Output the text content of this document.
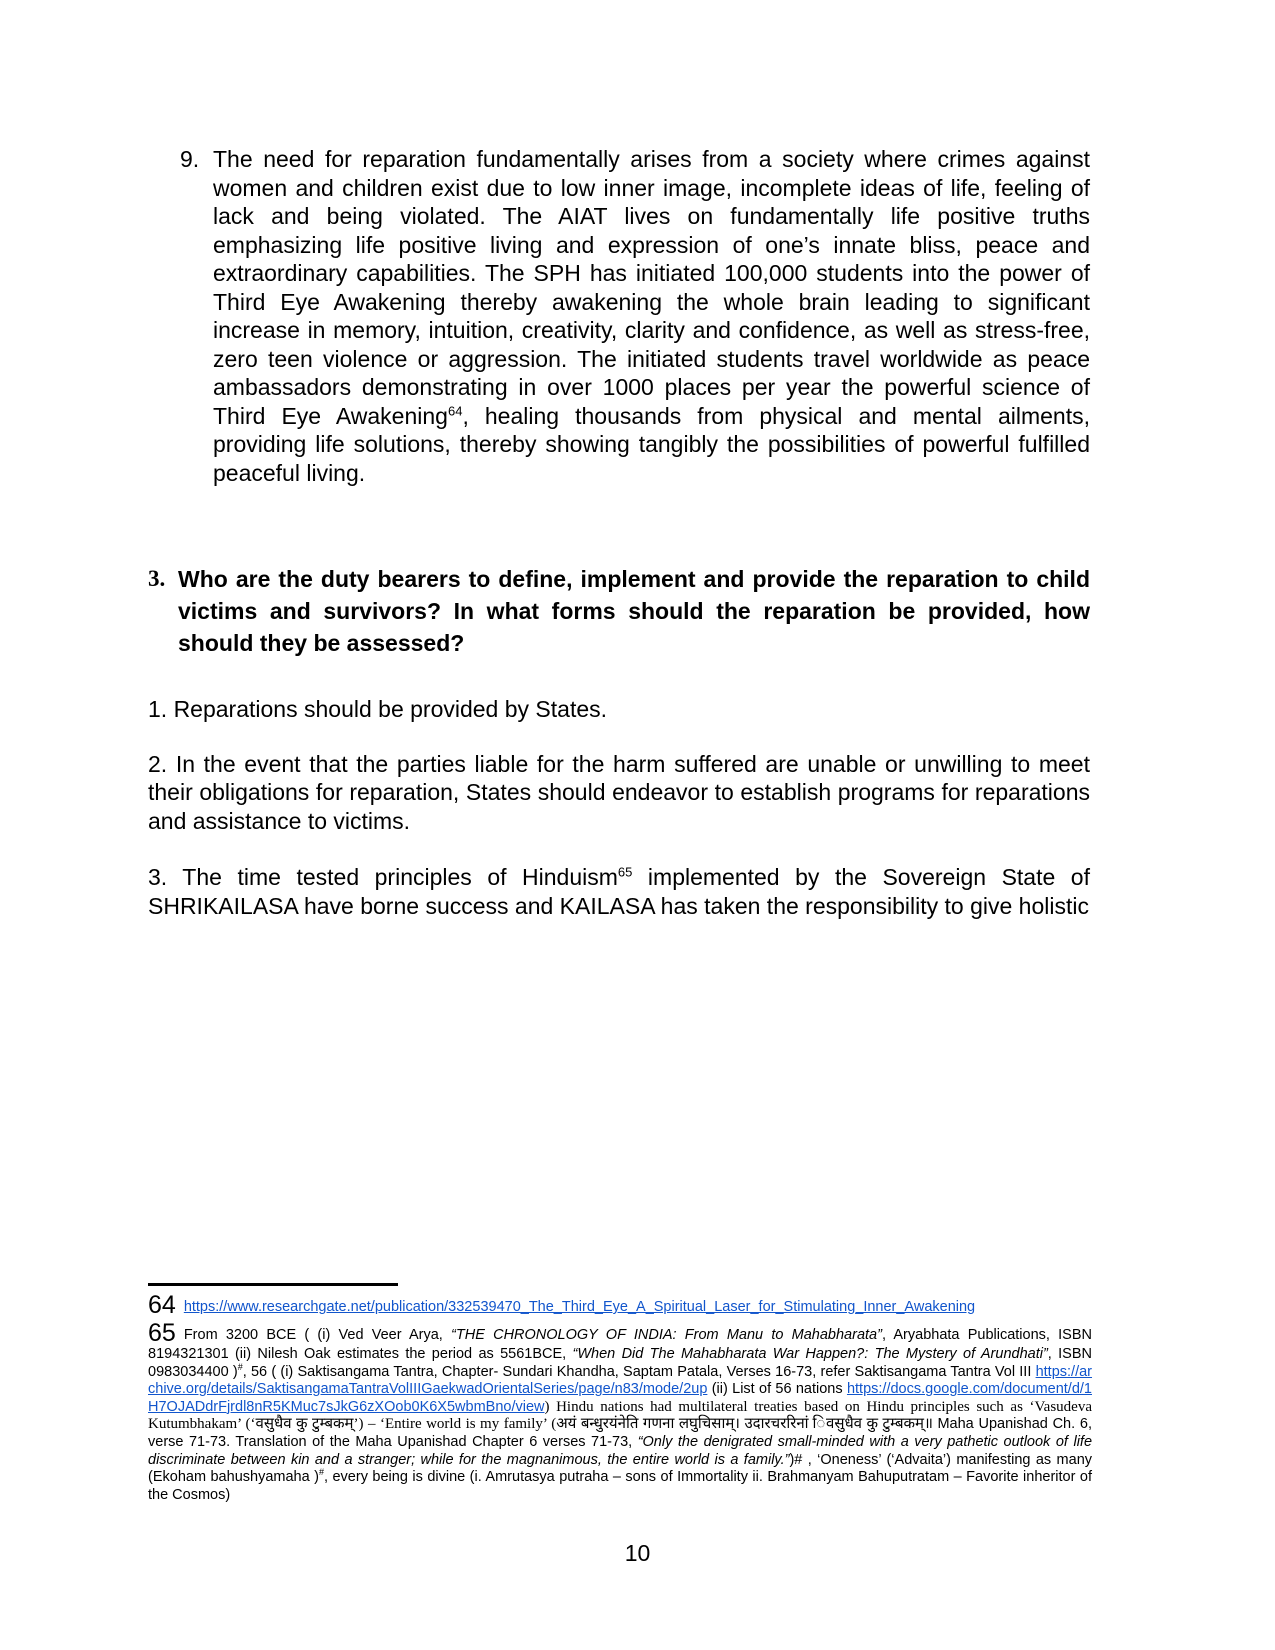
9. The need for reparation fundamentally arises from a society where crimes against women and children exist due to low inner image, incomplete ideas of life, feeling of lack and being violated. The AIAT lives on fundamentally life positive truths emphasizing life positive living and expression of one’s innate bliss, peace and extraordinary capabilities. The SPH has initiated 100,000 students into the power of Third Eye Awakening thereby awakening the whole brain leading to significant increase in memory, intuition, creativity, clarity and confidence, as well as stress-free, zero teen violence or aggression. The initiated students travel worldwide as peace ambassadors demonstrating in over 1000 places per year the powerful science of Third Eye Awakening$^{64}$, healing thousands from physical and mental ailments, providing life solutions, thereby showing tangibly the possibilities of powerful fulfilled peaceful living.
3. Who are the duty bearers to define, implement and provide the reparation to child victims and survivors? In what forms should the reparation be provided, how should they be assessed?

1. Reparations should be provided by States.

2. In the event that the parties liable for the harm suffered are unable or unwilling to meet their obligations for reparation, States should endeavor to establish programs for reparations and assistance to victims.

3. The time tested principles of Hinduism$^{65}$ implemented by the Sovereign State of SHRIKAILASA have borne success and KAILASA has taken the responsibility to give holistic

64 https://www.researchgate.net/publication/332539470_The_Third_Eye_A_Spiritual_Laser_for_Stimulating_Inner_Awakening
65 From 3200 BCE ( (i) Ved Veer Arya, “THE CHRONOLOGY OF INDIA: From Manu to Mahabharata”, Aryabhata Publications, ISBN 8194321301 (ii) Nilesh Oak estimates the period as 5561BCE, “When Did The Mahabharata War Happen?: The Mystery of Arundhati”, ISBN 0983034400 )#, 56 ( (i) Saktisangama Tantra, Chapter- Sundari Khandha, Saptam Patala, Verses 16-73, refer Saktisangama Tantra Vol III https://archive.org/details/SaktisangamaTantraVolIIIGaekwadOrientalSeries/page/n83/mode/2up (ii) List of 56 nations https://docs.google.com/document/d/1H7OJADdrFjrdl8nR5KMuc7sJkG6zXOob0K6X5wbmBno/view) Hindu nations had multilateral treaties based on Hindu principles such as ‘Vasudeva Kutumbhakam’ (‘वसुधैव कु टुम्बकम्’) – ‘Entire world is my family’ (अयं बन्धुरयंनेति गणना लघुचिसाम्। उदारचररिनां िवसुधैव कु टुम्बकम्॥ Maha Upanishad Ch. 6, verse 71-73. Translation of the Maha Upanishad Chapter 6 verses 71-73, “Only the denigrated small-minded with a very pathetic outlook of life discriminate between kin and a stranger; while for the magnanimous, the entire world is a family.”)# , ‘Oneness’ (‘Advaita’) manifesting as many (Ekoham bahushyamaha )#, every being is divine (i. Amrutasya putraha – sons of Immortality ii. Brahmanyam Bahuputratam – Favorite inheritor of the Cosmos)
10
